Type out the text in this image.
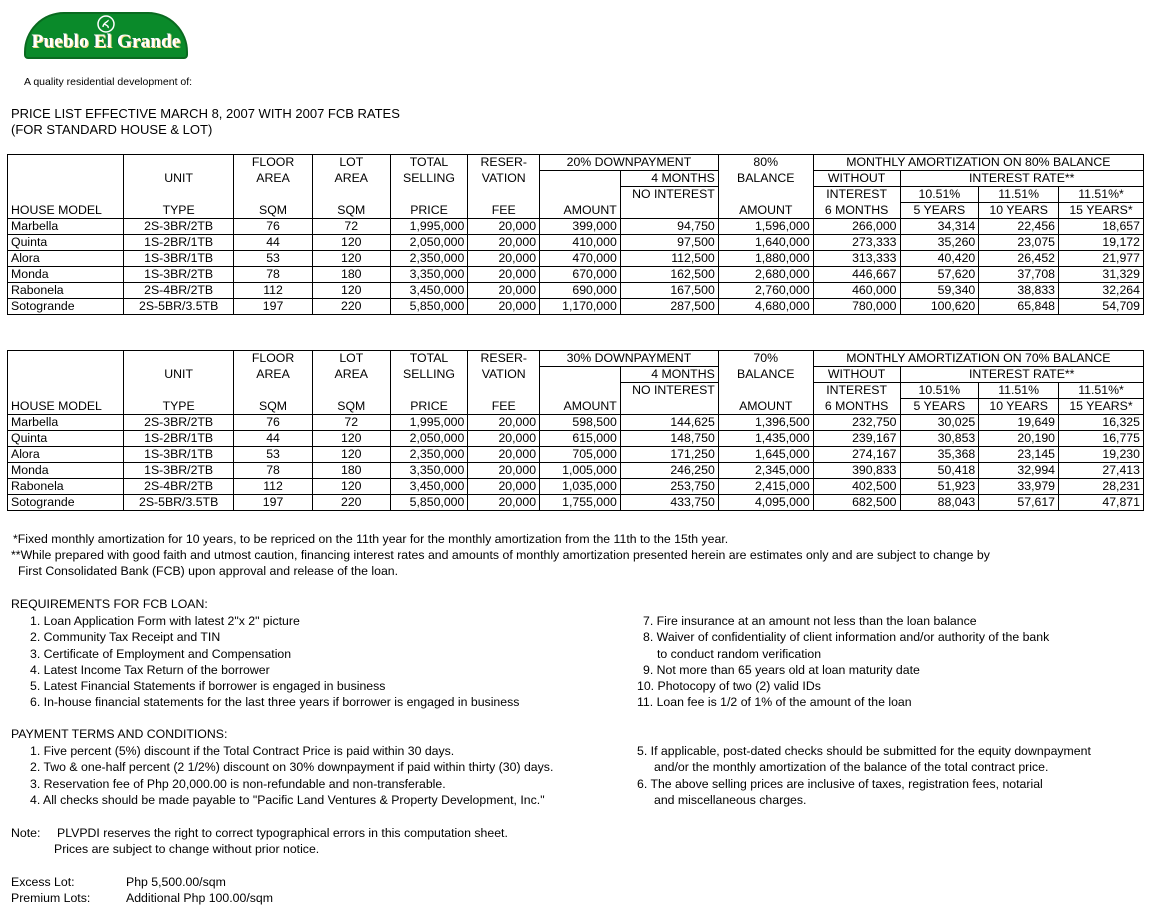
Pueblo El Grande
A quality residential development of:
PRICE LIST EFFECTIVE MARCH 8, 2007 WITH 2007 FCB RATES
(FOR STANDARD HOUSE & LOT)
		FLOOR	LOT	TOTAL	RESER-	20% DOWNPAYMENT		80%	MONTHLY AMORTIZATION ON 80% BALANCE			
	UNIT	AREA	AREA	SELLING	VATION		4 MONTHS	BALANCE	WITHOUT	INTEREST RATE**		
							NO INTEREST		INTEREST	10.51%	11.51%	11.51%*
HOUSE MODEL	TYPE	SQM	SQM	PRICE	FEE	AMOUNT		AMOUNT	6 MONTHS	5 YEARS	10 YEARS	15 YEARS*
Marbella	2S-3BR/2TB	76	72	1,995,000	20,000	399,000	94,750	1,596,000	266,000	34,314	22,456	18,657
Quinta	1S-2BR/1TB	44	120	2,050,000	20,000	410,000	97,500	1,640,000	273,333	35,260	23,075	19,172
Alora	1S-3BR/1TB	53	120	2,350,000	20,000	470,000	112,500	1,880,000	313,333	40,420	26,452	21,977
Monda	1S-3BR/2TB	78	180	3,350,000	20,000	670,000	162,500	2,680,000	446,667	57,620	37,708	31,329
Rabonela	2S-4BR/2TB	112	120	3,450,000	20,000	690,000	167,500	2,760,000	460,000	59,340	38,833	32,264
Sotogrande	2S-5BR/3.5TB	197	220	5,850,000	20,000	1,170,000	287,500	4,680,000	780,000	100,620	65,848	54,709
		FLOOR	LOT	TOTAL	RESER-	30% DOWNPAYMENT		70%	MONTHLY AMORTIZATION ON 70% BALANCE			
	UNIT	AREA	AREA	SELLING	VATION		4 MONTHS	BALANCE	WITHOUT	INTEREST RATE**		
							NO INTEREST		INTEREST	10.51%	11.51%	11.51%*
HOUSE MODEL	TYPE	SQM	SQM	PRICE	FEE	AMOUNT		AMOUNT	6 MONTHS	5 YEARS	10 YEARS	15 YEARS*
Marbella	2S-3BR/2TB	76	72	1,995,000	20,000	598,500	144,625	1,396,500	232,750	30,025	19,649	16,325
Quinta	1S-2BR/1TB	44	120	2,050,000	20,000	615,000	148,750	1,435,000	239,167	30,853	20,190	16,775
Alora	1S-3BR/1TB	53	120	2,350,000	20,000	705,000	171,250	1,645,000	274,167	35,368	23,145	19,230
Monda	1S-3BR/2TB	78	180	3,350,000	20,000	1,005,000	246,250	2,345,000	390,833	50,418	32,994	27,413
Rabonela	2S-4BR/2TB	112	120	3,450,000	20,000	1,035,000	253,750	2,415,000	402,500	51,923	33,979	28,231
Sotogrande	2S-5BR/3.5TB	197	220	5,850,000	20,000	1,755,000	433,750	4,095,000	682,500	88,043	57,617	47,871
*Fixed monthly amortization for 10 years, to be repriced on the 11th year for the monthly amortization from the 11th to the 15th year.
**While prepared with good faith and utmost caution, financing interest rates and amounts of monthly amortization presented herein are estimates only and are subject to change by
First Consolidated Bank (FCB) upon approval and release of the loan.
REQUIREMENTS FOR FCB LOAN:
1. Loan Application Form with latest 2"x 2" picture
2. Community Tax Receipt and TIN
3. Certificate of Employment and Compensation
4. Latest Income Tax Return of the borrower
5. Latest Financial Statements if borrower is engaged in business
6. In-house financial statements for the last three years if borrower is engaged in business
7. Fire insurance at an amount not less than the loan balance
8. Waiver of confidentiality of client information and/or authority of the bank
to conduct random verification
9. Not more than 65 years old at loan maturity date
10. Photocopy of two (2) valid IDs
11. Loan fee is 1/2 of 1% of the amount of the loan
PAYMENT TERMS AND CONDITIONS:
1. Five percent (5%) discount if the Total Contract Price is paid within 30 days.
2. Two & one-half percent (2 1/2%) discount on 30% downpayment if paid within thirty (30) days.
3. Reservation fee of Php 20,000.00 is non-refundable and non-transferable.
4. All checks should be made payable to "Pacific Land Ventures & Property Development, Inc."
5. If applicable, post-dated checks should be submitted for the equity downpayment
and/or the monthly amortization of the balance of the total contract price.
6. The above selling prices are inclusive of taxes, registration fees, notarial
and miscellaneous charges.
Note: PLVPDI reserves the right to correct typographical errors in this computation sheet.
Prices are subject to change without prior notice.
Excess Lot:	Php 5,500.00/sqm
Premium Lots:	Additional Php 100.00/sqm
